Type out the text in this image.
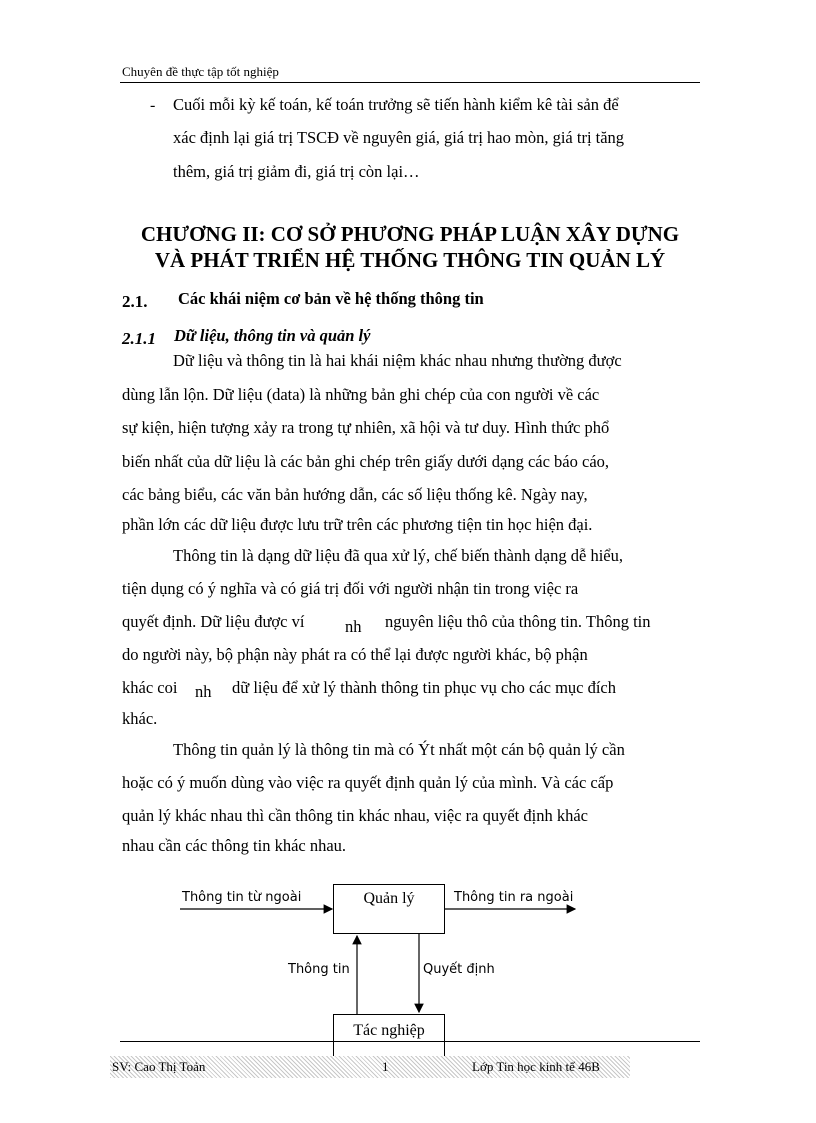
Chuyên đề thực tập tốt nghiệp
- Cuối mỗi kỳ kế toán, kế toán trưởng sẽ tiến hành kiểm kê tài sản để
xác định lại giá trị TSCĐ về nguyên giá, giá trị hao mòn, giá trị tăng
thêm, giá trị giảm đi, giá trị còn lại…
CHƯƠNG II: CƠ SỞ PHƯƠNG PHÁP LUẬN XÂY DỰNG
VÀ PHÁT TRIỂN HỆ THỐNG THÔNG TIN QUẢN LÝ
2.1. Các khái niệm cơ bản về hệ thống thông tin
2.1.1 Dữ liệu, thông tin và quản lý
Dữ liệu và thông tin là hai khái niệm khác nhau nhưng thường được
dùng lẫn lộn. Dữ liệu (data) là những bản ghi chép của con người về các
sự kiện, hiện tượng xảy ra trong tự nhiên, xã hội và tư duy. Hình thức phổ
biến nhất của dữ liệu là các bản ghi chép trên giấy dưới dạng các báo cáo,
các bảng biểu, các văn bản hướng dẫn, các số liệu thống kê. Ngày nay,
phần lớn các dữ liệu được lưu trữ trên các phương tiện tin học hiện đại.
Thông tin là dạng dữ liệu đã qua xử lý, chế biến thành dạng dễ hiểu,
tiện dụng có ý nghĩa và có giá trị đối với người nhận tin trong việc ra
quyết định. Dữ liệu được ví nh nguyên liệu thô của thông tin. Thông tin
do người này, bộ phận này phát ra có thể lại được người khác, bộ phận
khác coi nh dữ liệu để xử lý thành thông tin phục vụ cho các mục đích
khác.
Thông tin quản lý là thông tin mà có Ýt nhất một cán bộ quản lý cần
hoặc có ý muốn dùng vào việc ra quyết định quản lý của mình. Và các cấp
quản lý khác nhau thì cần thông tin khác nhau, việc ra quyết định khác
nhau cần các thông tin khác nhau.
Quản lý
Tác nghiệp
Thông tin từ ngoài	Thông tin ra ngoài
Thông tin	Quyết định
SV: Cao Thị Toản	1	Lớp Tin học kinh tế 46B
